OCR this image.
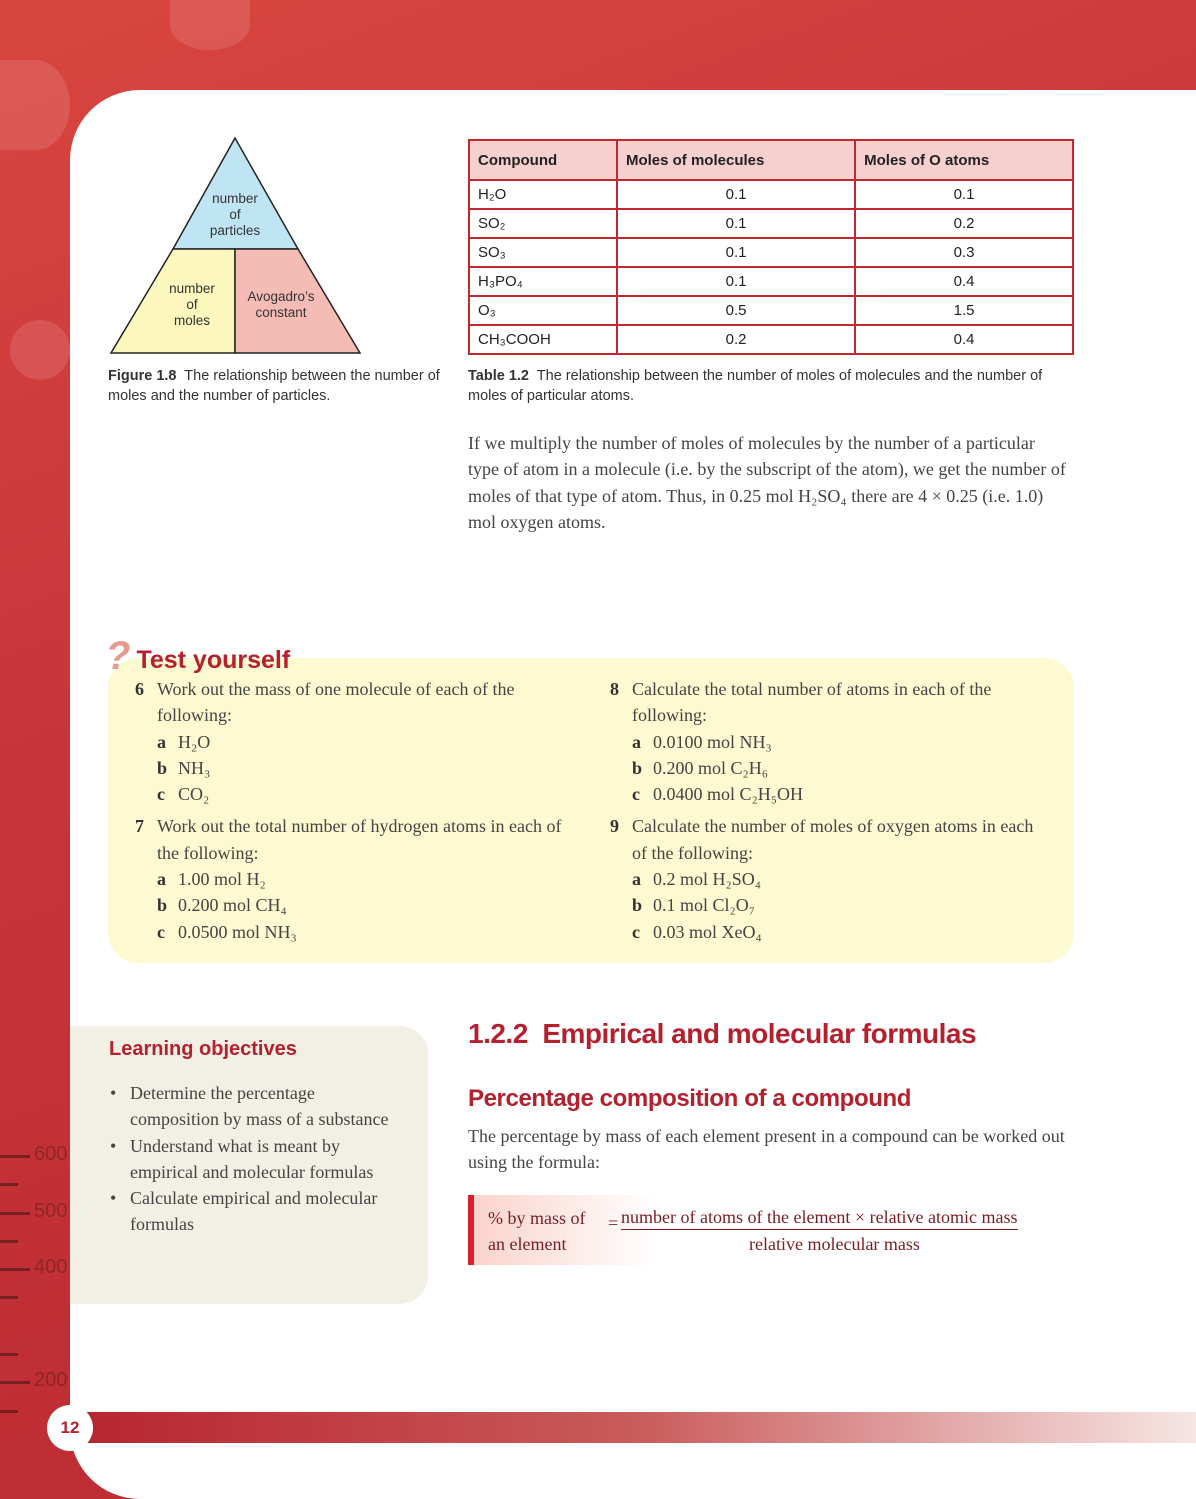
600
500
400
200
number
of
particles
number
of
moles
Avogadro’s
constant
Figure 1.8 The relationship between the number of moles and the number of particles.
Compound	Moles of molecules	Moles of O atoms
H₂O	0.1	0.1
SO₂	0.1	0.2
SO₃	0.1	0.3
H₃PO₄	0.1	0.4
O₃	0.5	1.5
CH₃COOH	0.2	0.4
Table 1.2 The relationship between the number of moles of molecules and the number of moles of particular atoms.

If we multiply the number of moles of molecules by the number of a particular type of atom in a molecule (i.e. by the subscript of the atom), we get the number of moles of that type of atom. Thus, in 0.25 mol H₂SO₄ there are 4 × 0.25 (i.e. 1.0) mol oxygen atoms.

? Test yourself
6 Work out the mass of one molecule of each of the following:
a H₂O
b NH₃
c CO₂
7 Work out the total number of hydrogen atoms in each of the following:
a 1.00 mol H₂
b 0.200 mol CH₄
c 0.0500 mol NH₃
8 Calculate the total number of atoms in each of the following:
a 0.0100 mol NH₃
b 0.200 mol C₂H₆
c 0.0400 mol C₂H₅OH
9 Calculate the number of moles of oxygen atoms in each of the following:
a 0.2 mol H₂SO₄
b 0.1 mol Cl₂O₇
c 0.03 mol XeO₄
Learning objectives
• Determine the percentage composition by mass of a substance
• Understand what is meant by empirical and molecular formulas
• Calculate empirical and molecular formulas
1.2.2  Empirical and molecular formulas
Percentage composition of a compound

The percentage by mass of each element present in a compound can be worked out using the formula:

% by mass of
an element
= number of atoms of the element × relative atomic mass
relative molecular mass
12
